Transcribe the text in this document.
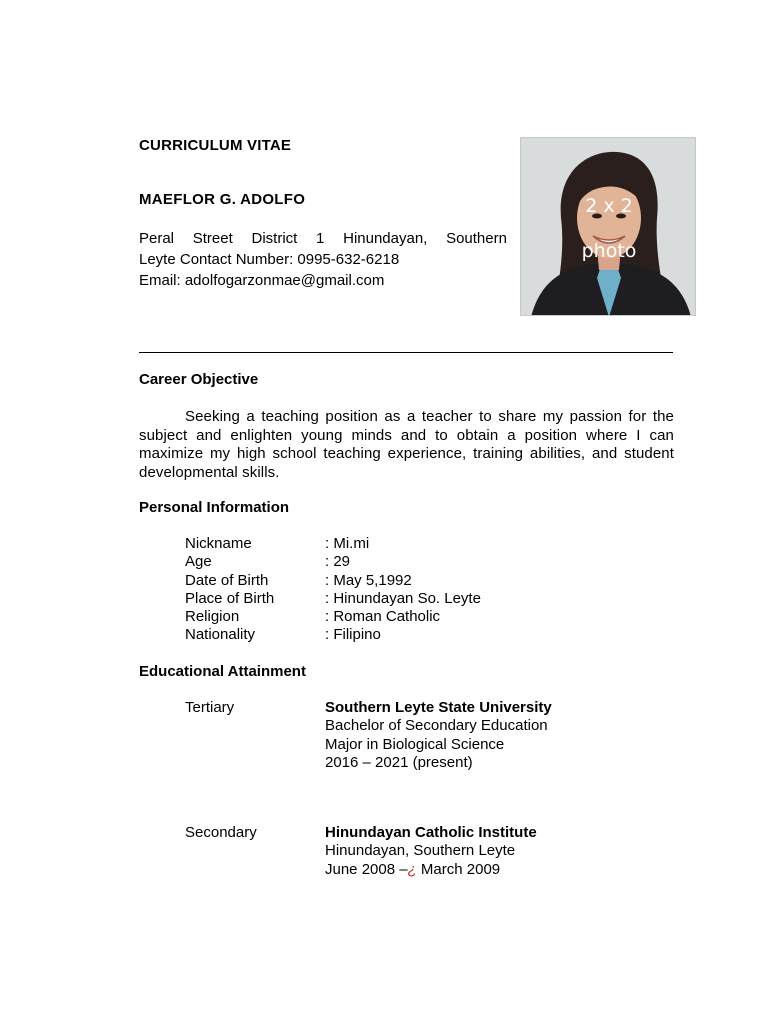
CURRICULUM VITAE
MAEFLOR G. ADOLFO
Peral Street District 1 Hinundayan, Southern
Leyte Contact Number: 0995-632-6218
Email: adolfogarzonmae@gmail.com
2 x 2
photo
Career Objective
Seeking a teaching position as a teacher to share my passion for the subject and enlighten young minds and to obtain a position where I can maximize my high school teaching experience, training abilities, and student developmental skills.
Personal Information
Nickname	: Mi.mi
Age	: 29
Date of Birth	: May 5,1992
Place of Birth	: Hinundayan So. Leyte
Religion	: Roman Catholic
Nationality	: Filipino
Educational Attainment
Tertiary	Southern Leyte State University
Bachelor of Secondary Education
Major in Biological Science
2016 – 2021 (present)
Secondary	Hinundayan Catholic Institute
Hinundayan, Southern Leyte
June 2008 –¿ March 2009
